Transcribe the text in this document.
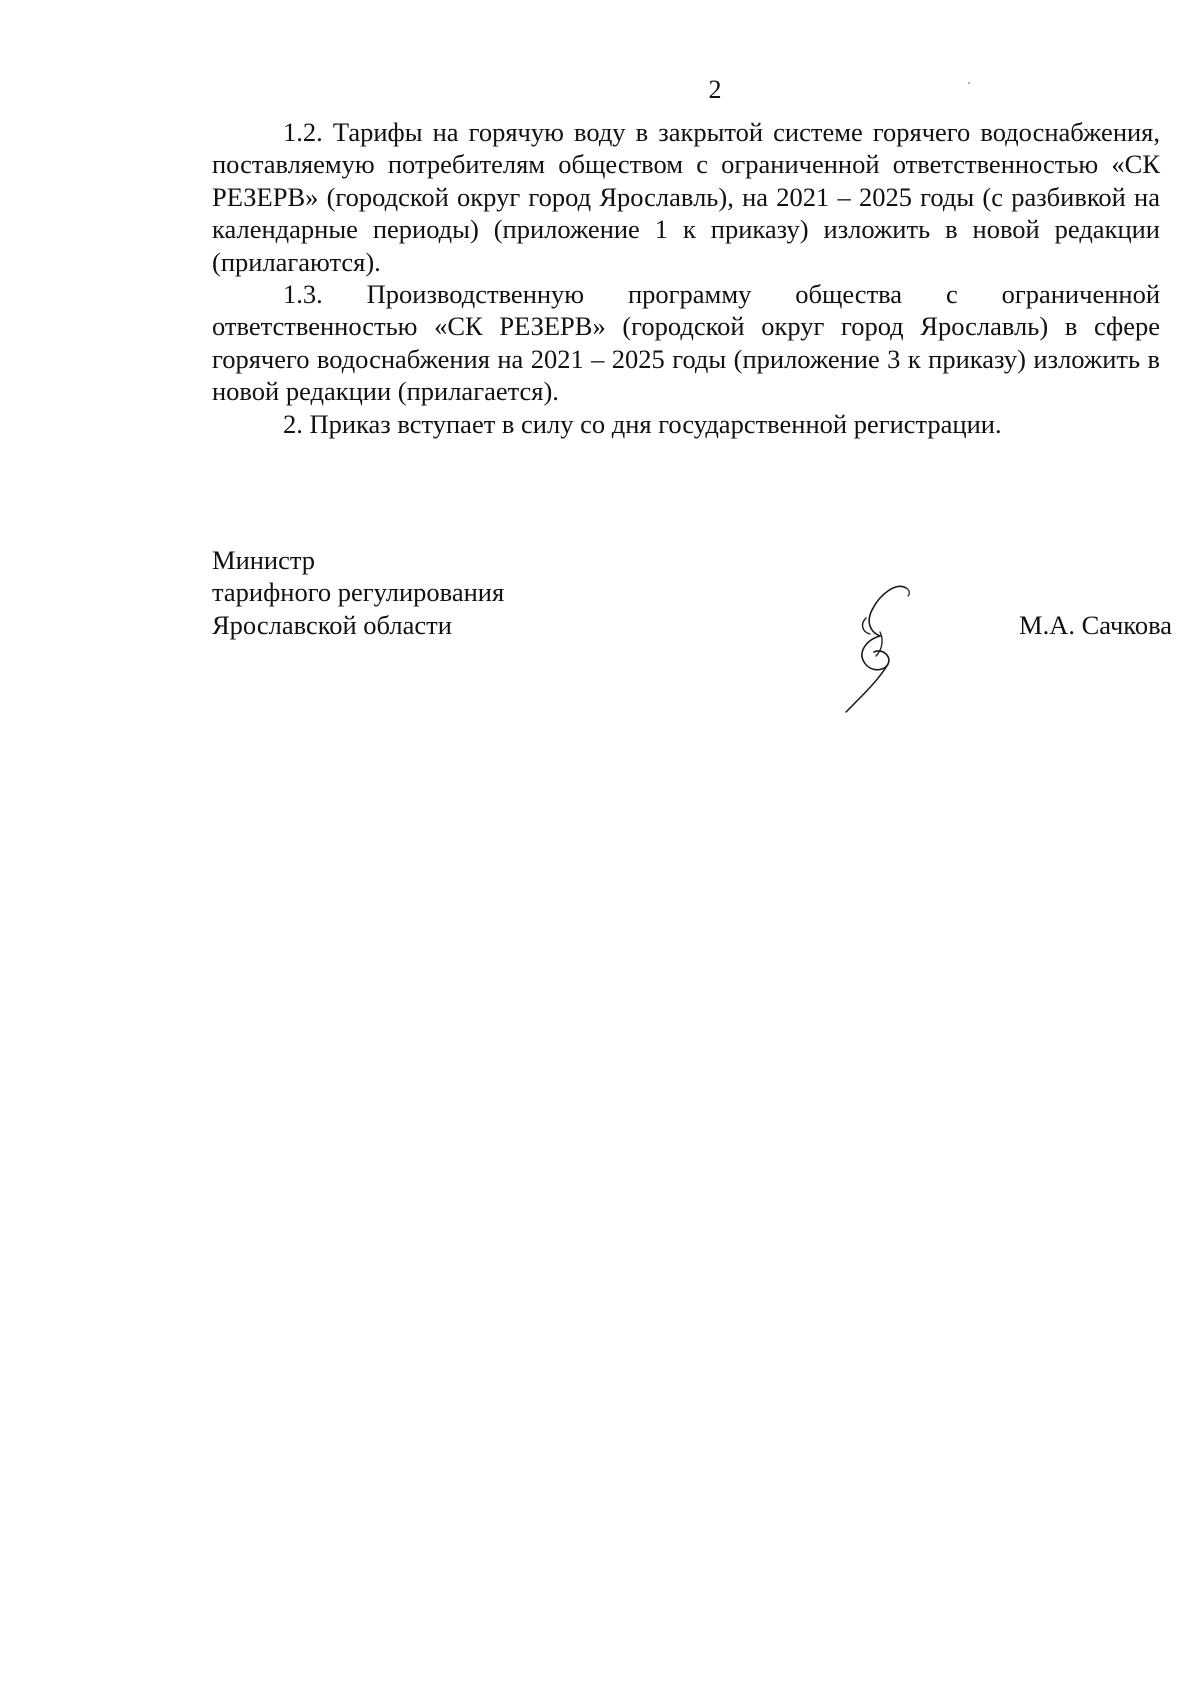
2

1.2. Тарифы на горячую воду в закрытой системе горячего водоснабжения, поставляемую потребителям обществом с ограниченной ответственностью «СК РЕЗЕРВ» (городской округ город Ярославль), на 2021 – 2025 годы (с разбивкой на календарные периоды) (приложение 1 к приказу) изложить в новой редакции (прилагаются).

1.3. Производственную программу общества с ограниченной ответственностью «СК РЕЗЕРВ» (городской округ город Ярославль) в сфере горячего водоснабжения на 2021 – 2025 годы (приложение 3 к приказу) изложить в новой редакции (прилагается).

2. Приказ вступает в силу со дня государственной регистрации.

Министр
тарифного регулирования
Ярославской области	М.А. Сачкова
